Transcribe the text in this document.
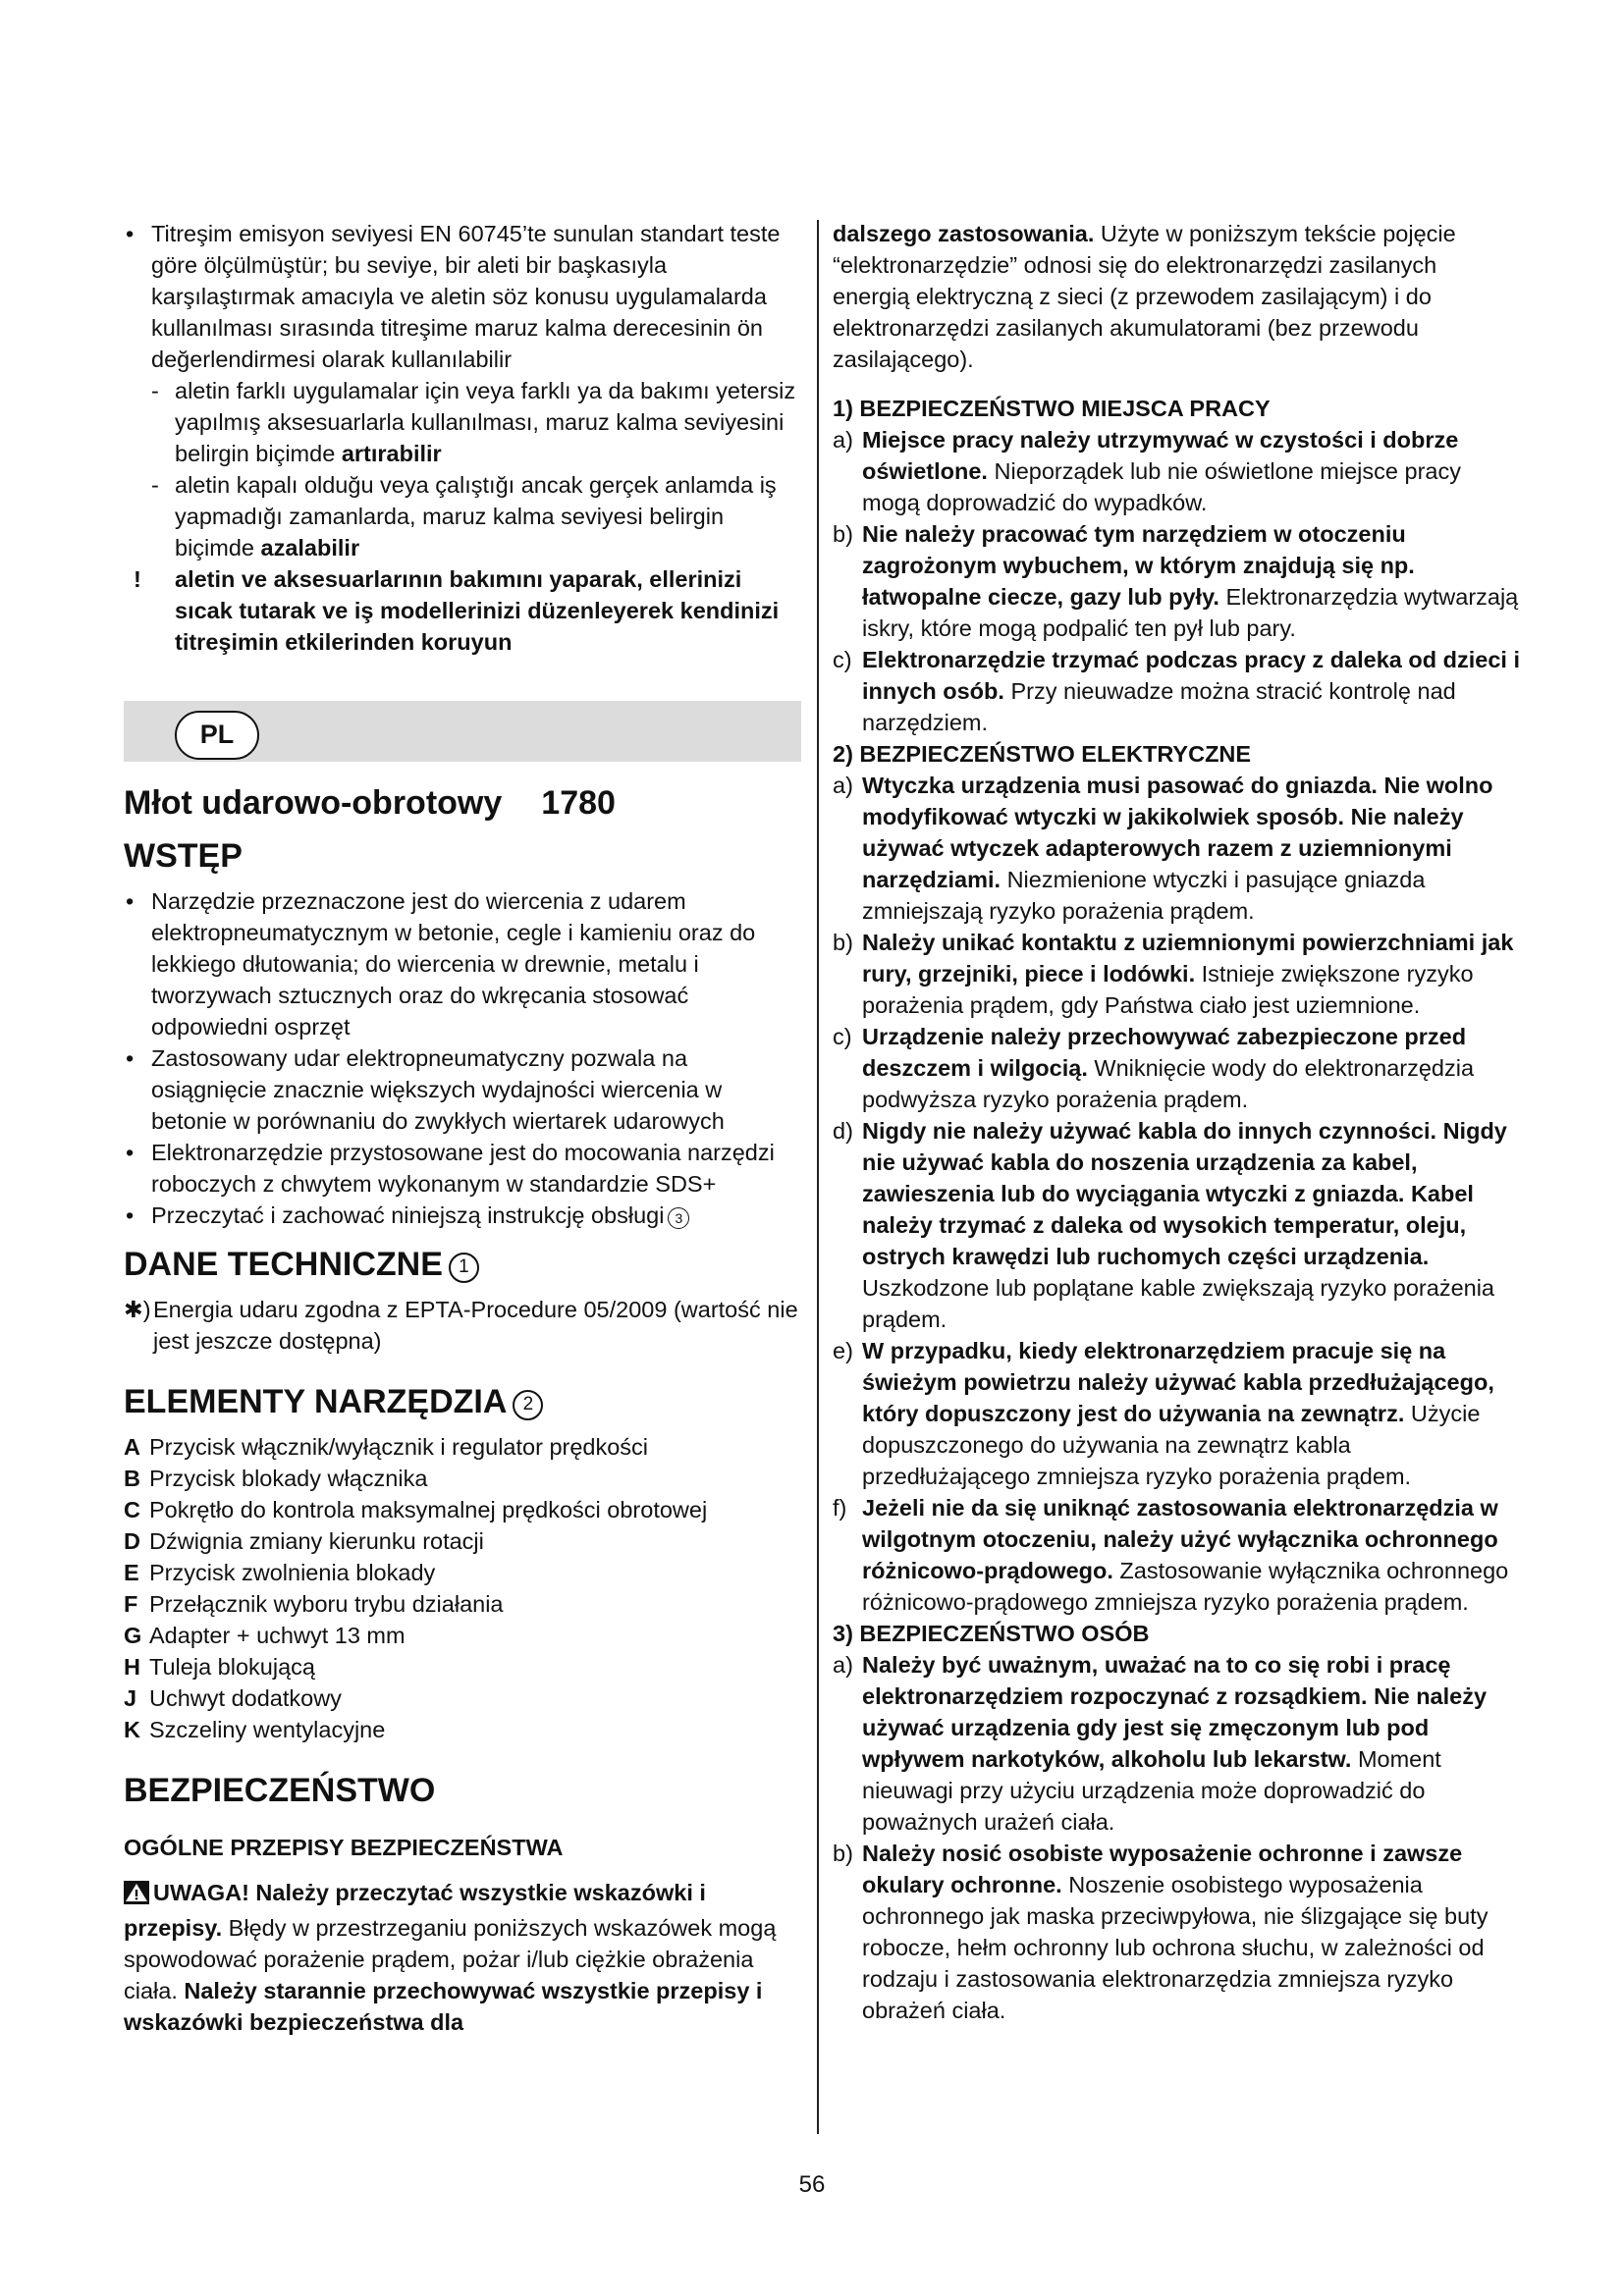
• Titreşim emisyon seviyesi EN 60745’te sunulan standart teste göre ölçülmüştür; bu seviye, bir aleti bir başkasıyla karşılaştırmak amacıyla ve aletin söz konusu uygulamalarda kullanılması sırasında titreşime maruz kalma derecesinin ön değerlendirmesi olarak kullanılabilir

- aletin farklı uygulamalar için veya farklı ya da bakımı yetersiz yapılmış aksesuarlarla kullanılması, maruz kalma seviyesini belirgin biçimde artırabilir

- aletin kapalı olduğu veya çalıştığı ancak gerçek anlamda iş yapmadığı zamanlarda, maruz kalma seviyesi belirgin biçimde azalabilir

! aletin ve aksesuarlarının bakımını yaparak, ellerinizi sıcak tutarak ve iş modellerinizi düzenleyerek kendinizi titreşimin etkilerinden koruyun

PL
Młot udarowo-obrotowy 1780
WSTĘP

• Narzędzie przeznaczone jest do wiercenia z udarem elektropneumatycznym w betonie, cegle i kamieniu oraz do lekkiego dłutowania; do wiercenia w drewnie, metalu i tworzywach sztucznych oraz do wkręcania stosować odpowiedni osprzęt

• Zastosowany udar elektropneumatyczny pozwala na osiągnięcie znacznie większych wydajności wiercenia w betonie w porównaniu do zwykłych wiertarek udarowych

• Elektronarzędzie przystosowane jest do mocowania narzędzi roboczych z chwytem wykonanym w standardzie SDS+

• Przeczytać i zachować niniejszą instrukcję obsługi 3

DANE TECHNICZNE 1

✱) Energia udaru zgodna z EPTA-Procedure 05/2009 (wartość nie jest jeszcze dostępna)

ELEMENTY NARZĘDZIA 2

A Przycisk włącznik/wyłącznik i regulator prędkości

B Przycisk blokady włącznika

C Pokrętło do kontrola maksymalnej prędkości obrotowej

D Dźwignia zmiany kierunku rotacji

E Przycisk zwolnienia blokady

F Przełącznik wyboru trybu działania

G Adapter + uchwyt 13 mm

H Tuleja blokującą

J Uchwyt dodatkowy

K Szczeliny wentylacyjne

BEZPIECZEŃSTWO
OGÓLNE PRZEPISY BEZPIECZEŃSTWA

UWAGA! Należy przeczytać wszystkie wskazówki i przepisy. Błędy w przestrzeganiu poniższych wskazówek mogą spowodować porażenie prądem, pożar i/lub ciężkie obrażenia ciała. Należy starannie przechowywać wszystkie przepisy i wskazówki bezpieczeństwa dla

dalszego zastosowania. Użyte w poniższym tekście pojęcie “elektronarzędzie” odnosi się do elektronarzędzi zasilanych energią elektryczną z sieci (z przewodem zasilającym) i do elektronarzędzi zasilanych akumulatorami (bez przewodu zasilającego).

1) BEZPIECZEŃSTWO MIEJSCA PRACY

a) Miejsce pracy należy utrzymywać w czystości i dobrze oświetlone. Nieporządek lub nie oświetlone miejsce pracy mogą doprowadzić do wypadków.

b) Nie należy pracować tym narzędziem w otoczeniu zagrożonym wybuchem, w którym znajdują się np. łatwopalne ciecze, gazy lub pyły. Elektronarzędzia wytwarzają iskry, które mogą podpalić ten pył lub pary.

c) Elektronarzędzie trzymać podczas pracy z daleka od dzieci i innych osób. Przy nieuwadze można stracić kontrolę nad narzędziem.

2) BEZPIECZEŃSTWO ELEKTRYCZNE

a) Wtyczka urządzenia musi pasować do gniazda. Nie wolno modyfikować wtyczki w jakikolwiek sposób. Nie należy używać wtyczek adapterowych razem z uziemnionymi narzędziami. Niezmienione wtyczki i pasujące gniazda zmniejszają ryzyko porażenia prądem.

b) Należy unikać kontaktu z uziemnionymi powierzchniami jak rury, grzejniki, piece i lodówki. Istnieje zwiększone ryzyko porażenia prądem, gdy Państwa ciało jest uziemnione.

c) Urządzenie należy przechowywać zabezpieczone przed deszczem i wilgocią. Wniknięcie wody do elektronarzędzia podwyższa ryzyko porażenia prądem.

d) Nigdy nie należy używać kabla do innych czynności. Nigdy nie używać kabla do noszenia urządzenia za kabel, zawieszenia lub do wyciągania wtyczki z gniazda. Kabel należy trzymać z daleka od wysokich temperatur, oleju, ostrych krawędzi lub ruchomych części urządzenia. Uszkodzone lub poplątane kable zwiększają ryzyko porażenia prądem.

e) W przypadku, kiedy elektronarzędziem pracuje się na świeżym powietrzu należy używać kabla przedłużającego, który dopuszczony jest do używania na zewnątrz. Użycie dopuszczonego do używania na zewnątrz kabla przedłużającego zmniejsza ryzyko porażenia prądem.

f) Jeżeli nie da się uniknąć zastosowania elektronarzędzia w wilgotnym otoczeniu, należy użyć wyłącznika ochronnego różnicowo-prądowego. Zastosowanie wyłącznika ochronnego różnicowo-prądowego zmniejsza ryzyko porażenia prądem.

3) BEZPIECZEŃSTWO OSÓB

a) Należy być uważnym, uważać na to co się robi i pracę elektronarzędziem rozpoczynać z rozsądkiem. Nie należy używać urządzenia gdy jest się zmęczonym lub pod wpływem narkotyków, alkoholu lub lekarstw. Moment nieuwagi przy użyciu urządzenia może doprowadzić do poważnych urażeń ciała.

b) Należy nosić osobiste wyposażenie ochronne i zawsze okulary ochronne. Noszenie osobistego wyposażenia ochronnego jak maska przeciwpyłowa, nie ślizgające się buty robocze, hełm ochronny lub ochrona słuchu, w zależności od rodzaju i zastosowania elektronarzędzia zmniejsza ryzyko obrażeń ciała.

56
